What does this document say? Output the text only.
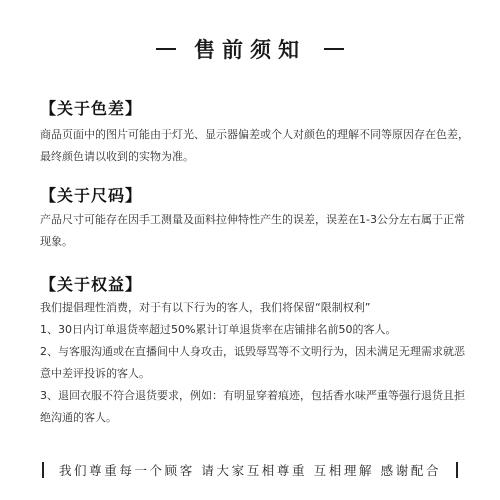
售前须知
【关于色差】
商品页面中的图片可能由于灯光、显示器偏差或个人对颜色的理解不同等原因存在色差，
最终颜色请以收到的实物为准。
【关于尺码】
产品尺寸可能存在因手工测量及面料拉伸特性产生的误差，误差在1-3公分左右属于正常
现象。
【关于权益】
我们提倡理性消费，对于有以下行为的客人，我们将保留“限制权利”
1、30日内订单退货率超过50%累计订单退货率在店铺排名前50的客人。
2、与客服沟通或在直播间中人身攻击，诋毁辱骂等不文明行为，因未满足无理需求就恶
意中差评投诉的客人。
3、退回衣服不符合退货要求，例如：有明显穿着痕迹，包括香水味严重等强行退货且拒
绝沟通的客人。
我们尊重每一个顾客 请大家互相尊重 互相理解 感谢配合
